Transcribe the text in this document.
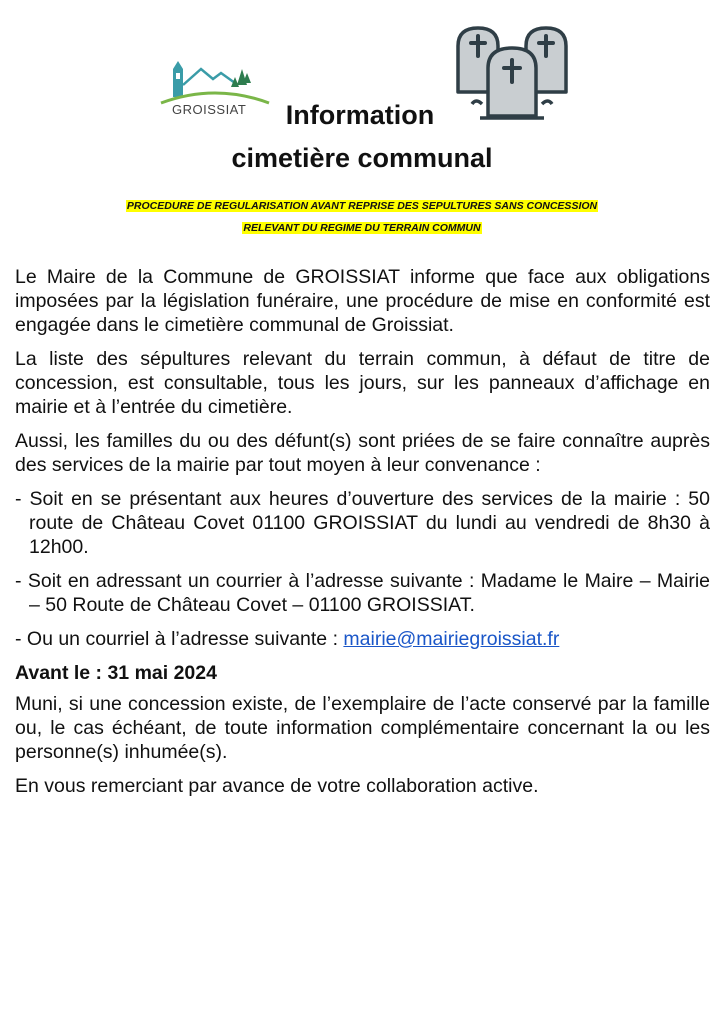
GROISSIAT	Information
cimetière communal
PROCEDURE DE REGULARISATION AVANT REPRISE DES SEPULTURES SANS CONCESSION
RELEVANT DU REGIME DU TERRAIN COMMUN

Le Maire de la Commune de GROISSIAT informe que face aux obligations imposées par la législation funéraire, une procédure de mise en conformité est engagée dans le cimetière communal de Groissiat.

La liste des sépultures relevant du terrain commun, à défaut de titre de concession, est consultable, tous les jours, sur les panneaux d’affichage en mairie et à l’entrée du cimetière.

Aussi, les familles du ou des défunt(s) sont priées de se faire connaître auprès des services de la mairie par tout moyen à leur convenance :

- Soit en se présentant aux heures d’ouverture des services de la mairie : 50 route de Château Covet 01100 GROISSIAT du lundi au vendredi de 8h30 à 12h00.

- Soit en adressant un courrier à l’adresse suivante : Madame le Maire – Mairie – 50 Route de Château Covet – 01100 GROISSIAT.

- Ou un courriel à l’adresse suivante : mairie@mairiegroissiat.fr

Avant le : 31 mai 2024

Muni, si une concession existe, de l’exemplaire de l’acte conservé par la famille ou, le cas échéant, de toute information complémentaire concernant la ou les personne(s) inhumée(s).

En vous remerciant par avance de votre collaboration active.
